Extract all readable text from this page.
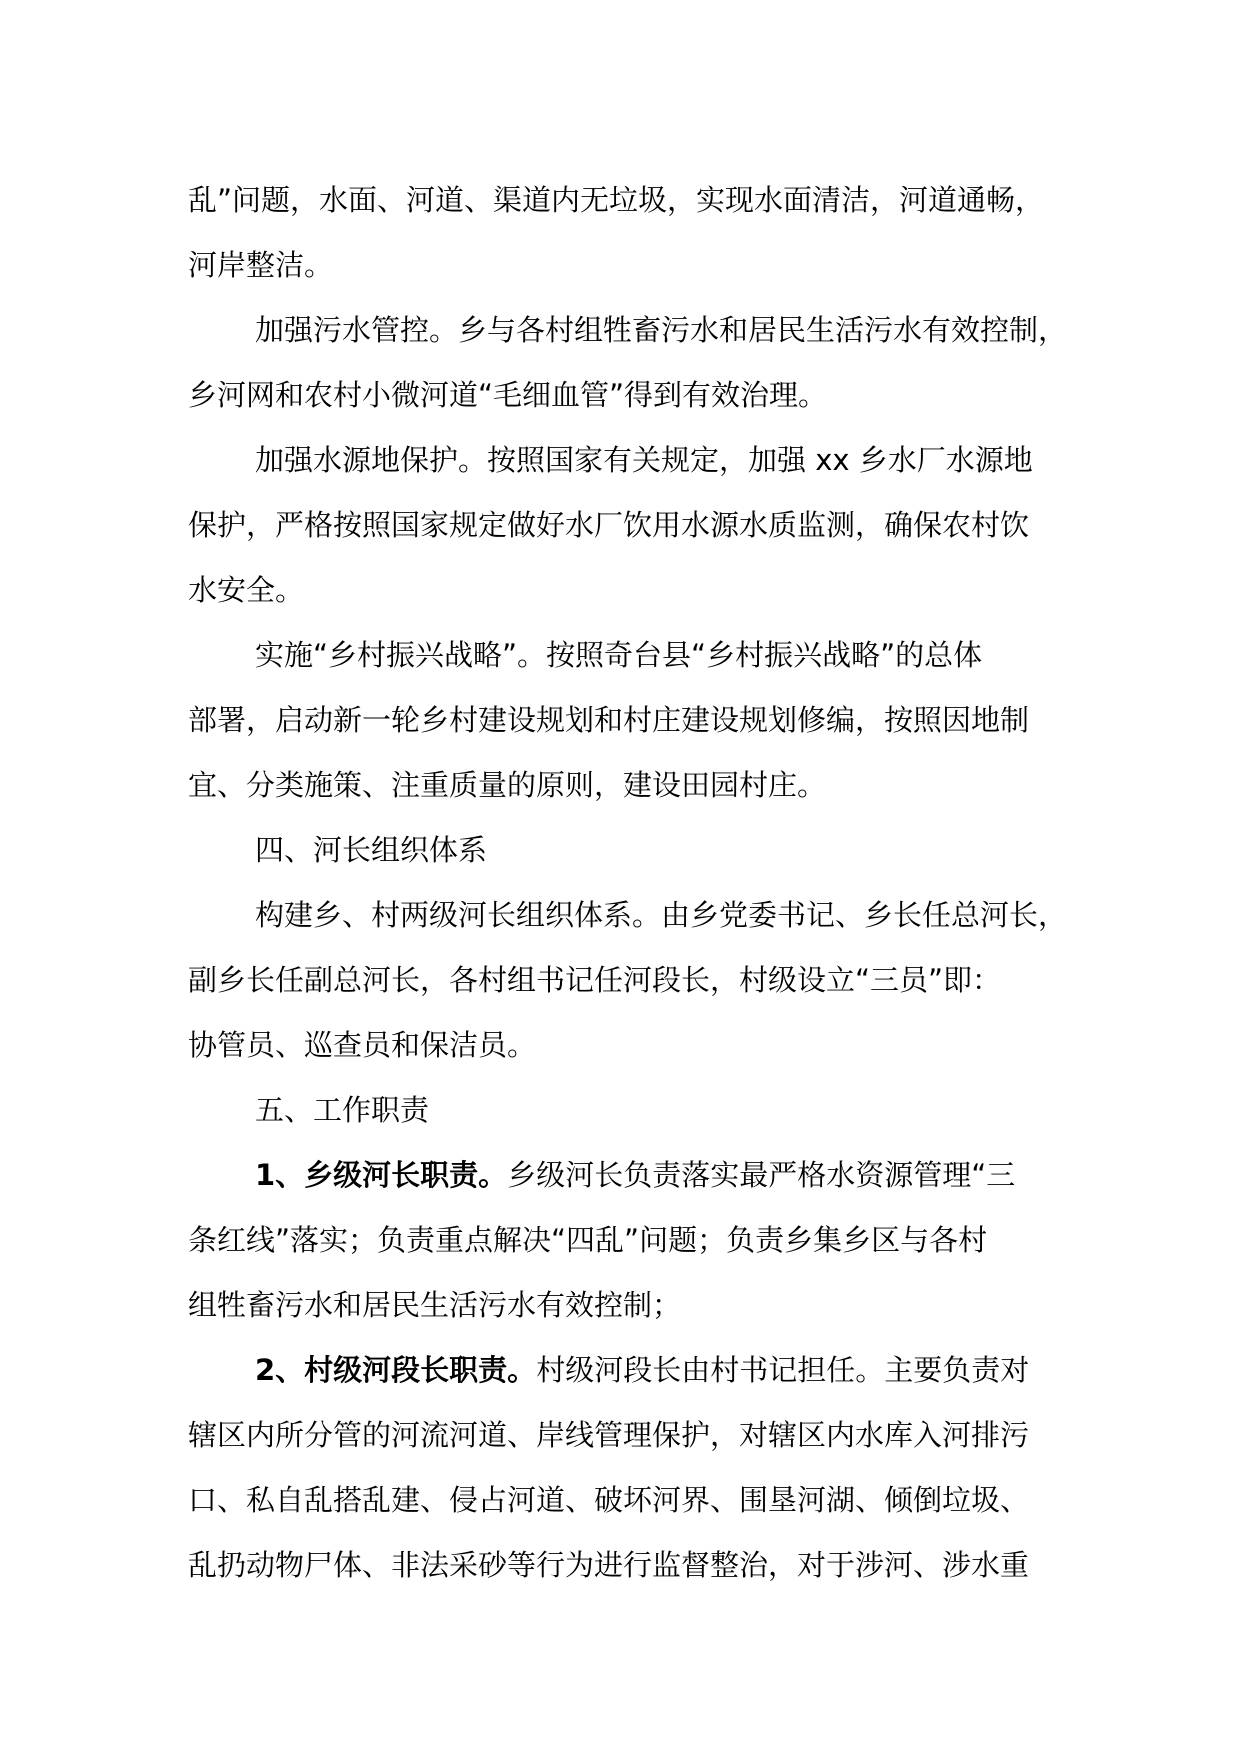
乱”问题，水面、河道、渠道内无垃圾，实现水面清洁，河道通畅，
河岸整洁。
加强污水管控。乡与各村组牲畜污水和居民生活污水有效控制，
乡河网和农村小微河道“毛细血管”得到有效治理。
加强水源地保护。按照国家有关规定，加强 xx 乡水厂水源地
保护，严格按照国家规定做好水厂饮用水源水质监测，确保农村饮
水安全。
实施“乡村振兴战略”。按照奇台县“乡村振兴战略”的总体
部署，启动新一轮乡村建设规划和村庄建设规划修编，按照因地制
宜、分类施策、注重质量的原则，建设田园村庄。
四、河长组织体系
构建乡、村两级河长组织体系。由乡党委书记、乡长任总河长，
副乡长任副总河长，各村组书记任河段长，村级设立“三员”即：
协管员、巡查员和保洁员。
五、工作职责
1、乡级河长职责。乡级河长负责落实最严格水资源管理“三
条红线”落实；负责重点解决“四乱”问题；负责乡集乡区与各村
组牲畜污水和居民生活污水有效控制；
2、村级河段长职责。村级河段长由村书记担任。主要负责对
辖区内所分管的河流河道、岸线管理保护，对辖区内水库入河排污
口、私自乱搭乱建、侵占河道、破坏河界、围垦河湖、倾倒垃圾、
乱扔动物尸体、非法采砂等行为进行监督整治，对于涉河、涉水重
